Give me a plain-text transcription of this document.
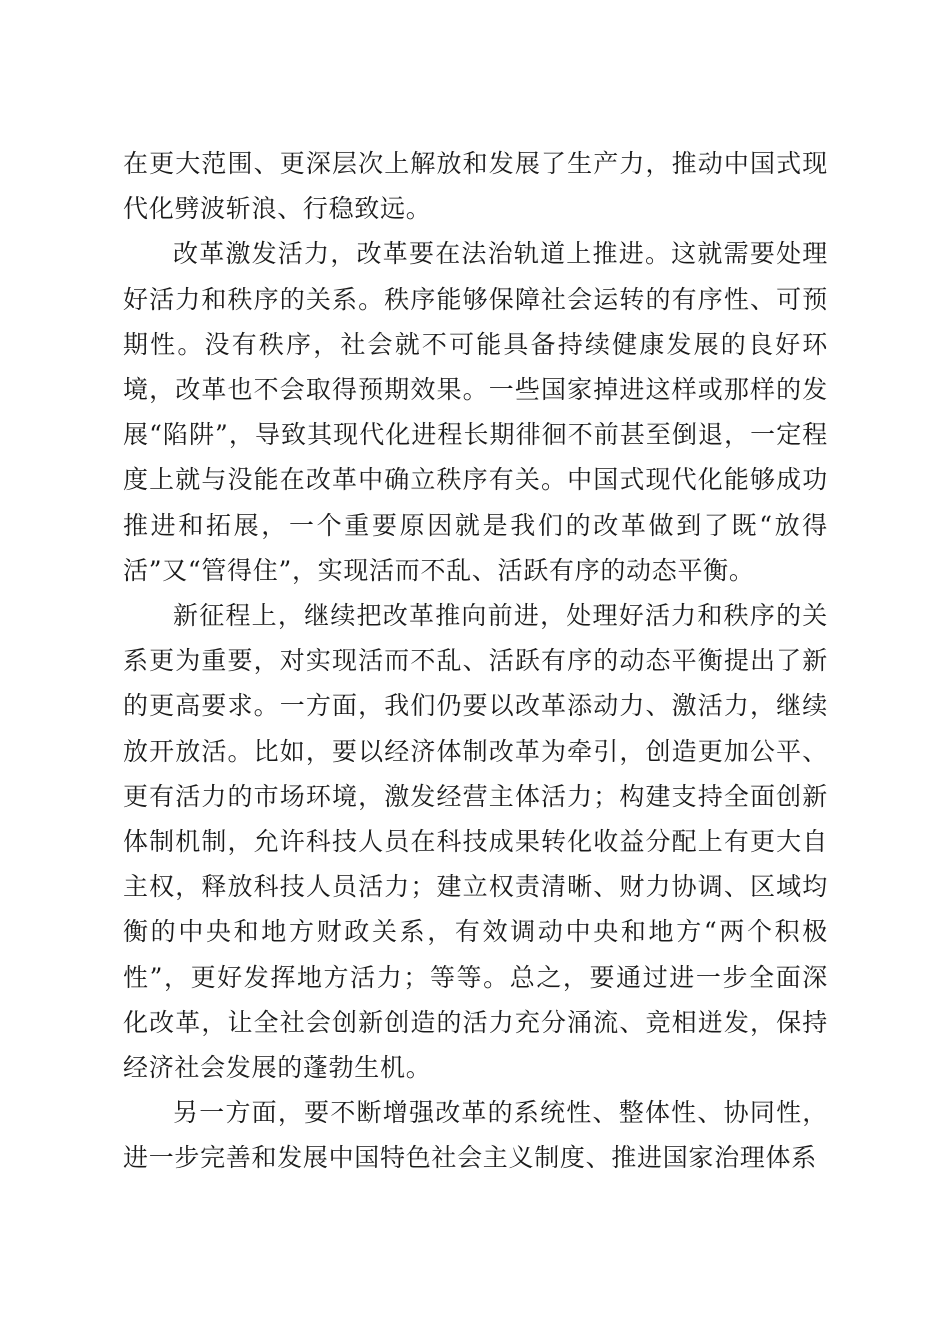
在更大范围、更深层次上解放和发展了生产力，推动中国式现代化劈波斩浪、行稳致远。

改革激发活力，改革要在法治轨道上推进。这就需要处理好活力和秩序的关系。秩序能够保障社会运转的有序性、可预期性。没有秩序，社会就不可能具备持续健康发展的良好环境，改革也不会取得预期效果。一些国家掉进这样或那样的发展“陷阱”，导致其现代化进程长期徘徊不前甚至倒退，一定程度上就与没能在改革中确立秩序有关。中国式现代化能够成功推进和拓展，一个重要原因就是我们的改革做到了既“放得活”又“管得住”，实现活而不乱、活跃有序的动态平衡。

新征程上，继续把改革推向前进，处理好活力和秩序的关系更为重要，对实现活而不乱、活跃有序的动态平衡提出了新的更高要求。一方面，我们仍要以改革添动力、激活力，继续放开放活。比如，要以经济体制改革为牵引，创造更加公平、更有活力的市场环境，激发经营主体活力；构建支持全面创新体制机制，允许科技人员在科技成果转化收益分配上有更大自主权，释放科技人员活力；建立权责清晰、财力协调、区域均衡的中央和地方财政关系，有效调动中央和地方“两个积极性”，更好发挥地方活力；等等。总之，要通过进一步全面深化改革，让全社会创新创造的活力充分涌流、竞相迸发，保持经济社会发展的蓬勃生机。

另一方面，要不断增强改革的系统性、整体性、协同性，进一步完善和发展中国特色社会主义制度、推进国家治理体系
